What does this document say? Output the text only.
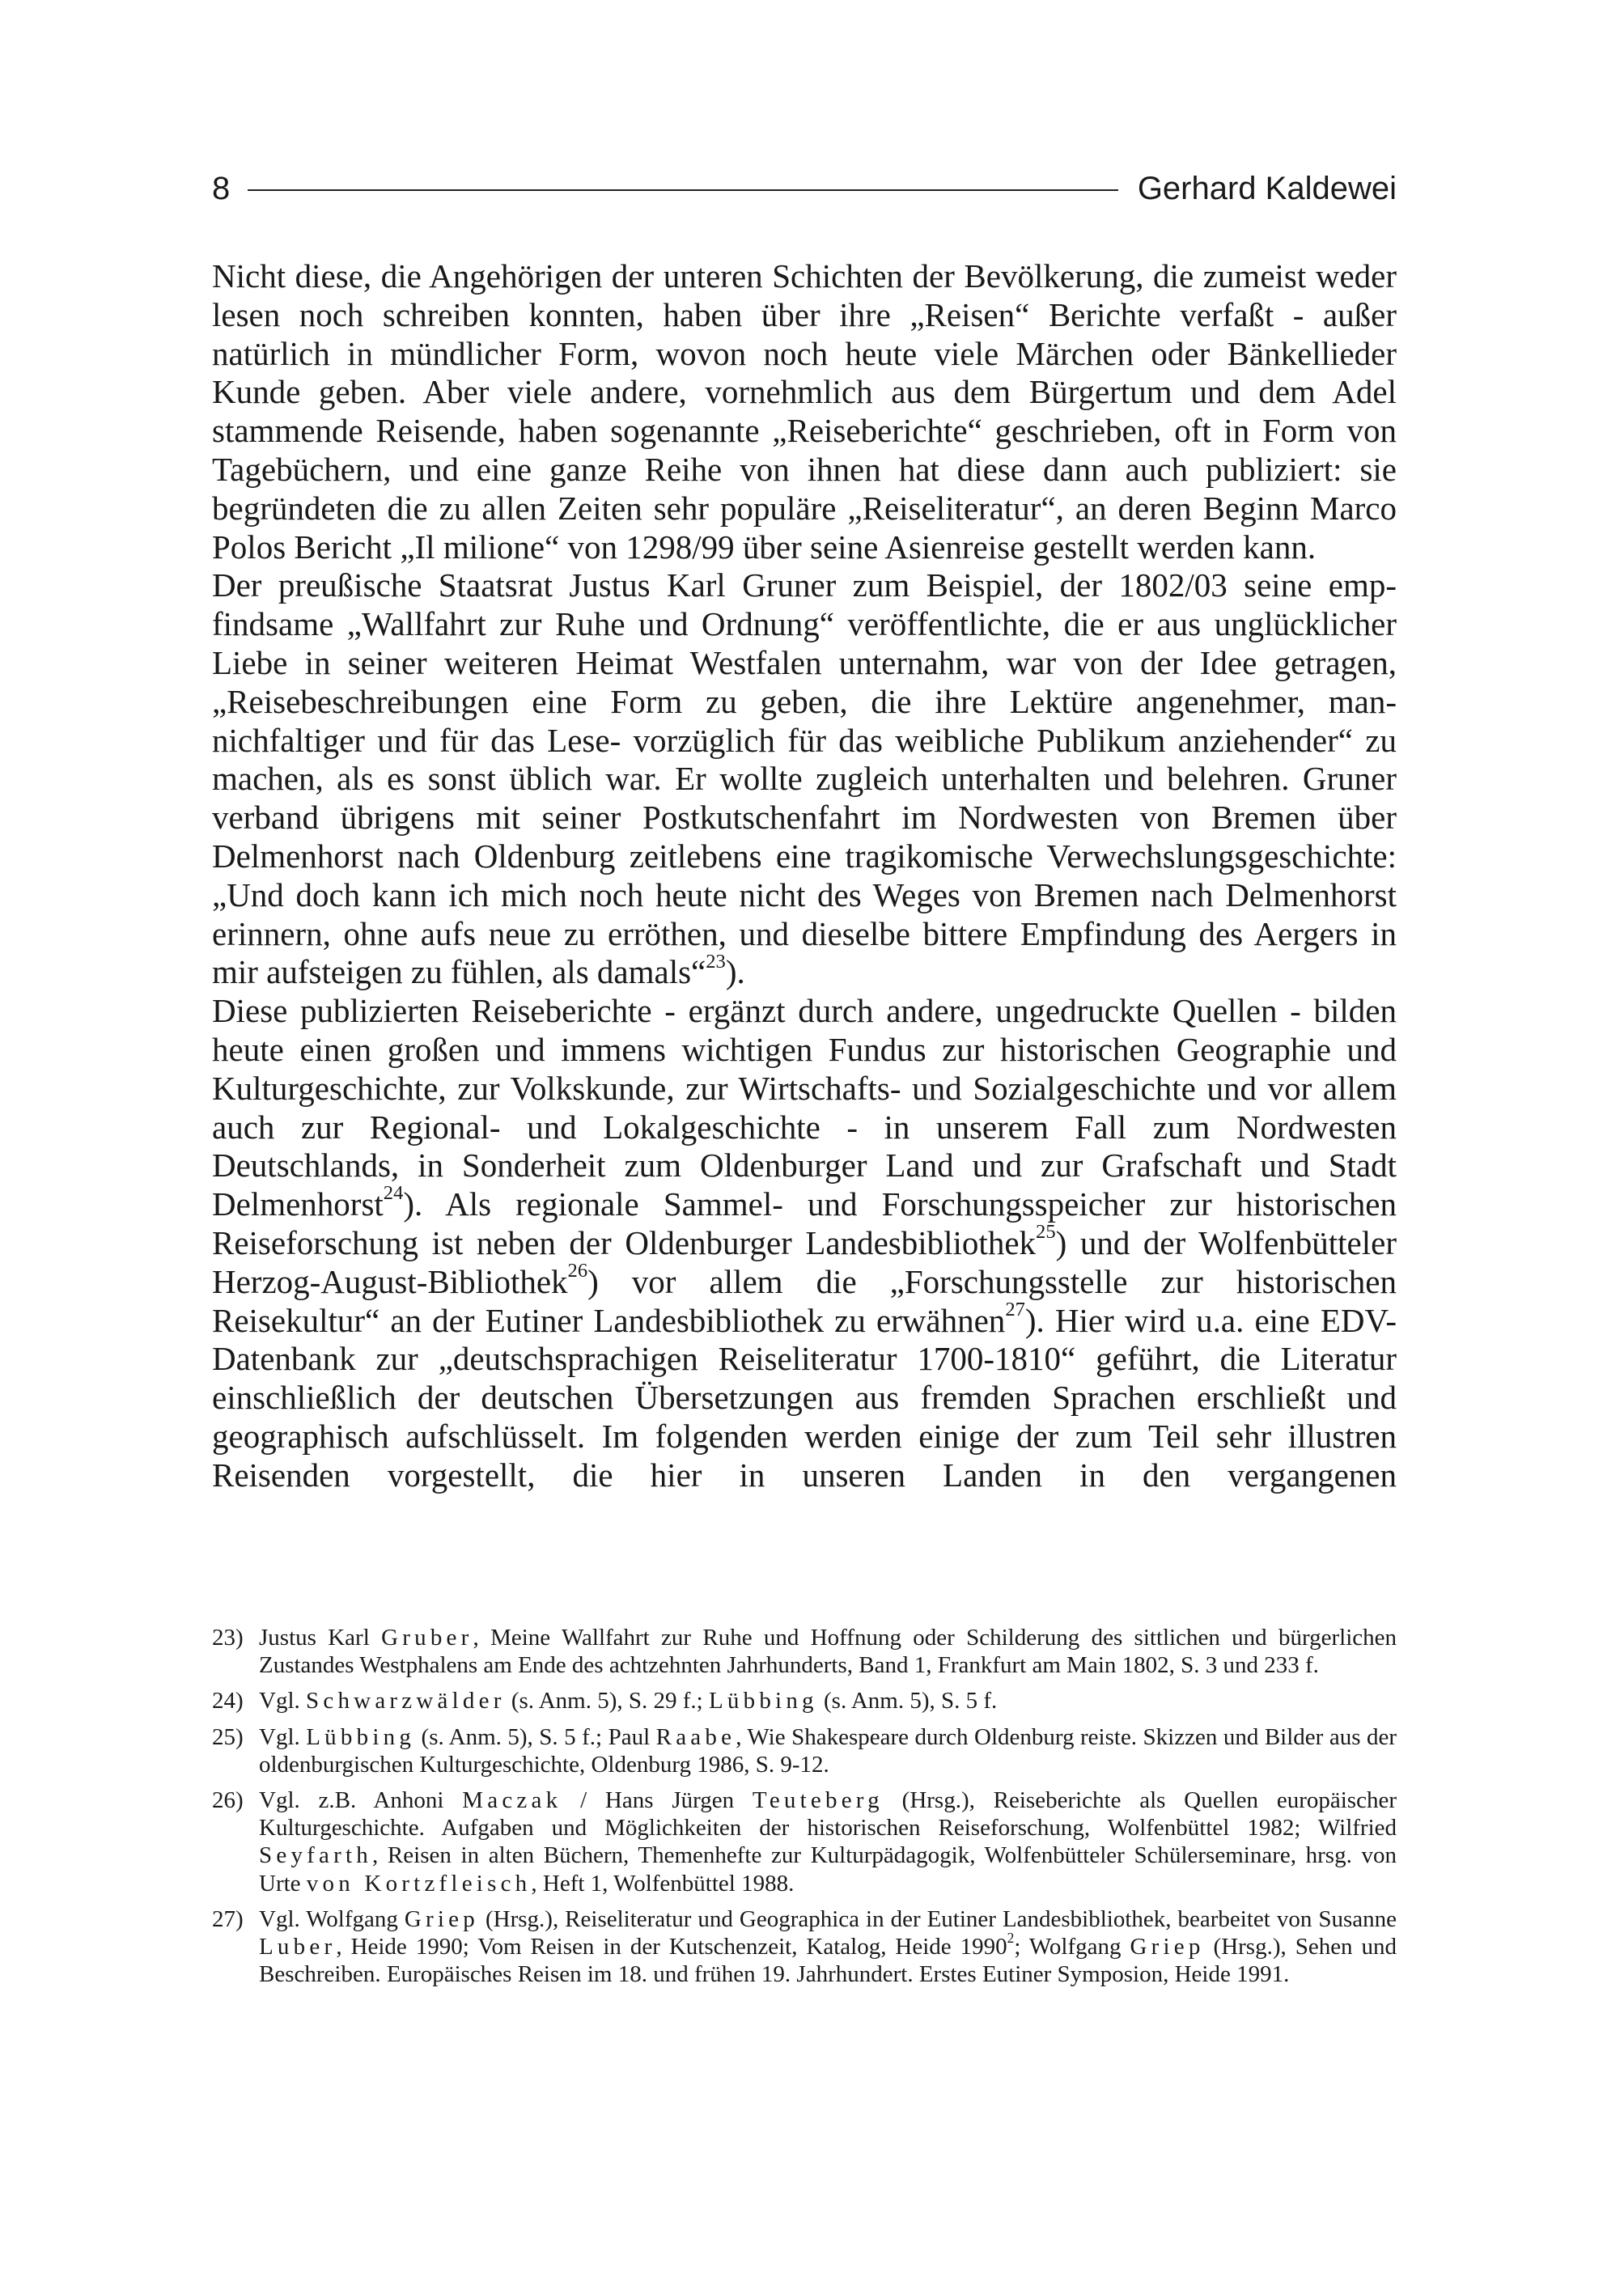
8	Gerhard Kaldewei

Nicht diese, die Angehörigen der unteren Schichten der Bevölkerung, die zumeist weder lesen noch schreiben konnten, haben über ihre „Reisen“ Berichte verfaßt - außer natürlich in mündlicher Form, wovon noch heute viele Märchen oder Bänkellieder Kunde geben. Aber viele andere, vornehmlich aus dem Bürgertum und dem Adel stammende Reisende, haben sogenannte „Reiseberichte“ geschrieben, oft in Form von Tagebüchern, und eine ganze Reihe von ihnen hat diese dann auch publiziert: sie begründeten die zu allen Zeiten sehr populäre „Reiseliteratur“, an deren Beginn Marco Polos Bericht „Il milione“ von 1298/99 über seine Asienreise gestellt werden kann.

Der preußische Staatsrat Justus Karl Gruner zum Beispiel, der 1802/03 seine empfindsame „Wallfahrt zur Ruhe und Ordnung“ veröffentlichte, die er aus unglücklicher Liebe in seiner weiteren Heimat Westfalen unternahm, war von der Idee getragen, „Reisebeschreibungen eine Form zu geben, die ihre Lektüre angenehmer, mannichfaltiger und für das Lese- vorzüglich für das weibliche Publikum anziehender“ zu machen, als es sonst üblich war. Er wollte zugleich unterhalten und belehren. Gruner verband übrigens mit seiner Postkutschenfahrt im Nordwesten von Bremen über Delmenhorst nach Oldenburg zeitlebens eine tragikomische Verwechslungsgeschichte: „Und doch kann ich mich noch heute nicht des Weges von Bremen nach Delmenhorst erinnern, ohne aufs neue zu erröthen, und dieselbe bittere Empfindung des Aergers in mir aufsteigen zu fühlen, als damals“$^{23}$).

Diese publizierten Reiseberichte - ergänzt durch andere, ungedruckte Quellen - bilden heute einen großen und immens wichtigen Fundus zur historischen Geographie und Kulturgeschichte, zur Volkskunde, zur Wirtschafts- und Sozialgeschichte und vor allem auch zur Regional- und Lokalgeschichte - in unserem Fall zum Nordwesten Deutschlands, in Sonderheit zum Oldenburger Land und zur Grafschaft und Stadt Delmenhorst$^{24}$). Als regionale Sammel- und Forschungsspeicher zur historischen Reiseforschung ist neben der Oldenburger Landesbibliothek$^{25}$) und der Wolfenbütteler Herzog-August-Bibliothek$^{26}$) vor allem die „Forschungsstelle zur historischen Reisekultur“ an der Eutiner Landesbibliothek zu erwähnen$^{27}$). Hier wird u.a. eine EDV-Datenbank zur „deutschsprachigen Reiseliteratur 1700-1810“ geführt, die Literatur einschließlich der deutschen Übersetzungen aus fremden Sprachen erschließt und geographisch aufschlüsselt. Im folgenden werden einige der zum Teil sehr illustren Reisenden vorgestellt, die hier in unseren Landen in den vergangenen

23) Justus Karl Gruber, Meine Wallfahrt zur Ruhe und Hoffnung oder Schilderung des sittlichen und bürgerlichen Zustandes Westphalens am Ende des achtzehnten Jahrhunderts, Band 1, Frankfurt am Main 1802, S. 3 und 233 f.
24) Vgl. Schwarzwälder (s. Anm. 5), S. 29 f.; Lübbing (s. Anm. 5), S. 5 f.
25) Vgl. Lübbing (s. Anm. 5), S. 5 f.; Paul Raabe, Wie Shakespeare durch Oldenburg reiste. Skizzen und Bilder aus der oldenburgischen Kulturgeschichte, Oldenburg 1986, S. 9-12.
26) Vgl. z.B. Anhoni Maczak / Hans Jürgen Teuteberg (Hrsg.), Reiseberichte als Quellen europäischer Kulturgeschichte. Aufgaben und Möglichkeiten der historischen Reiseforschung, Wolfenbüttel 1982; Wilfried Seyfarth, Reisen in alten Büchern, Themenhefte zur Kulturpädagogik, Wolfenbütteler Schülerseminare, hrsg. von Urte von Kortzfleisch, Heft 1, Wolfenbüttel 1988.
27) Vgl. Wolfgang Griep (Hrsg.), Reiseliteratur und Geographica in der Eutiner Landesbibliothek, bearbeitet von Susanne Luber, Heide 1990; Vom Reisen in der Kutschenzeit, Katalog, Heide 1990$^2$; Wolfgang Griep (Hrsg.), Sehen und Beschreiben. Europäisches Reisen im 18. und frühen 19. Jahrhundert. Erstes Eutiner Symposion, Heide 1991.
